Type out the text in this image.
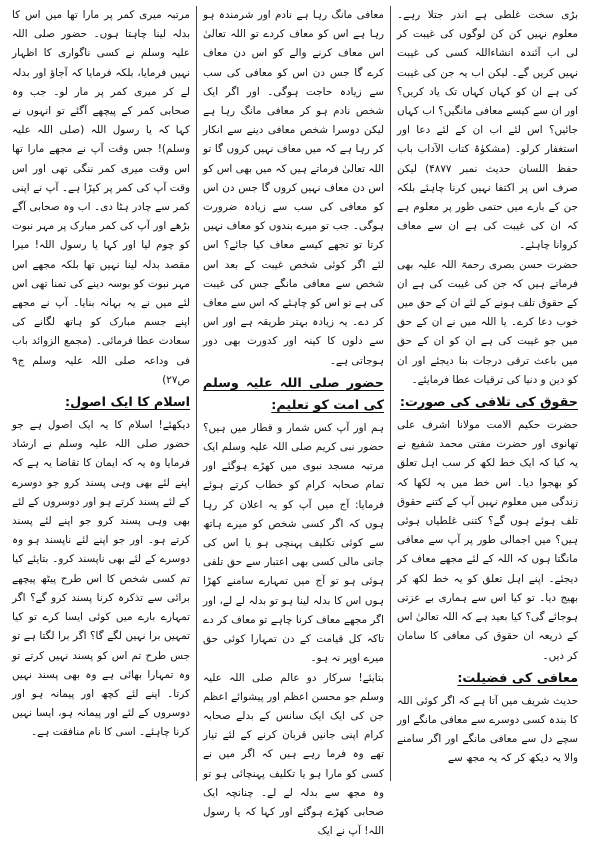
بڑی سخت غلطی ہے اندر جتلا رہے۔ معلوم نہیں کن کن لوگوں کی غیبت کر لی اب آئندہ انشاءاللہ کسی کی غیبت نہیں کریں گے۔ لیکن اب یہ جن کی غیبت کی ہے ان کو کہاں کہاں تک یاد کریں؟ اور ان سے کیسے معافی مانگیں؟ اب کہاں جائیں؟ اس لئے اب ان کے لئے دعا اور استغفار کرلو۔ (مشکوٰۃ کتاب الآداب باب حفظ اللسان حدیث نمبر ۴۸۷۷) لیکن صرف اس پر اکتفا نہیں کرنا چاہئے بلکہ جن کے بارے میں حتمی طور پر معلوم ہے کہ ان کی غیبت کی ہے ان سے معاف کروانا چاہئے۔

حضرت حسن بصری رحمۃ اللہ علیہ بھی فرماتے ہیں کہ جن کی غیبت کی ہے ان کے حقوق تلف ہونے کے لئے ان کے حق میں خوب دعا کرے۔ یا اللہ میں نے ان کے حق میں جو غیبت کی ہے ان کو ان کے حق میں باعث ترقی درجات بنا دیجئے اور ان کو دین و دنیا کی ترقیات عطا فرمایئے۔

حقوق کی تلافی کی صورت:

حضرت حکیم الامت مولانا اشرف علی تھانوی اور حضرت مفتی محمد شفیع نے یہ کیا کہ ایک خط لکھ کر سب اہل تعلق کو بھجوا دیا۔ اس خط میں یہ لکھا کہ زندگی میں معلوم نہیں آپ کے کتنے حقوق تلف ہوئے ہوں گے؟ کتنی غلطیاں ہوئی ہیں؟ میں اجمالی طور پر آپ سے معافی مانگتا ہوں کہ اللہ کے لئے مجھے معاف کر دیجئے۔ اپنے اہل تعلق کو یہ خط لکھ کر بھیج دیا۔ تو کیا اس سے ہماری بے عزتی ہوجائے گی؟ کیا بعید ہے کہ اللہ تعالیٰ اس کے ذریعہ ان حقوق کی معافی کا سامان کر دیں۔

معافی کی فضیلت:

حدیث شریف میں آتا ہے کہ اگر کوئی اللہ کا بندہ کسی دوسرے سے معافی مانگے اور سچے دل سے معافی مانگے اور اگر سامنے والا یہ دیکھ کر کہ یہ مجھ سے

معافی مانگ رہا ہے نادم اور شرمندہ ہو رہا ہے اس کو معاف کردے تو اللہ تعالیٰ اس معاف کرنے والے کو اس دن معاف کرے گا جس دن اس کو معافی کی سب سے زیادہ حاجت ہوگی۔ اور اگر ایک شخص نادم ہو کر معافی مانگ رہا ہے لیکن دوسرا شخص معافی دینے سے انکار کر رہا ہے کہ میں معاف نہیں کروں گا تو اللہ تعالیٰ فرماتے ہیں کہ میں بھی اس کو اس دن معاف نہیں کروں گا جس دن اس کو معافی کی سب سے زیادہ ضرورت ہوگی۔ جب تو میرے بندوں کو معاف نہیں کرتا تو تجھے کیسے معاف کیا جائے؟ اس لئے اگر کوئی شخص غیبت کے بعد اس شخص سے معافی مانگے جس کی غیبت کی ہے تو اس کو چاہئے کہ اس سے معاف کر دے۔ یہ زیادہ بہتر طریقہ ہے اور اس سے دلوں کا کینہ اور کدورت بھی دور ہوجاتی ہے۔

حضور صلی اللہ علیہ وسلم کی امت کو تعلیم:

ہم اور آپ کس شمار و قطار میں ہیں؟ حضور نبی کریم صلی اللہ علیہ وسلم ایک مرتبہ مسجد نبوی میں کھڑے ہوگئے اور تمام صحابہ کرام کو خطاب کرتے ہوئے فرمایا: آج میں آپ کو یہ اعلان کر رہا ہوں کہ اگر کسی شخص کو میرے ہاتھ سے کوئی تکلیف پہنچی ہو یا اس کی جانی مالی کسی بھی اعتبار سے حق تلفی ہوئی ہو تو آج میں تمہارے سامنے کھڑا ہوں اس کا بدلہ لینا ہو تو بدلہ لے لے، اور اگر مجھے معاف کرنا چاہے تو معاف کر دے تاکہ کل قیامت کے دن تمہارا کوئی حق میرے اوپر نہ ہو۔

بتایئے! سرکار دو عالم صلی اللہ علیہ وسلم جو محسن اعظم اور پیشوائے اعظم جن کی ایک ایک سانس کے بدلے صحابہ کرام اپنی جانیں قربان کرنے کے لئے تیار تھے وہ فرما رہے ہیں کہ اگر میں نے کسی کو مارا ہو یا تکلیف پہنچائی ہو تو وہ مجھ سے بدلہ لے لے۔ چنانچہ ایک صحابی کھڑے ہوگئے اور کہا کہ یا رسول اللہ! آپ نے ایک

مرتبہ میری کمر پر مارا تھا میں اس کا بدلہ لینا چاہتا ہوں۔ حضور صلی اللہ علیہ وسلم نے کسی ناگواری کا اظہار نہیں فرمایا، بلکہ فرمایا کہ آجاؤ اور بدلہ لے کر میری کمر پر مار لو۔ جب وہ صحابی کمر کے پیچھے آگئے تو انہوں نے کہا کہ یا رسول اللہ (صلی اللہ علیہ وسلم)! جس وقت آپ نے مجھے مارا تھا اس وقت میری کمر ننگی تھی اور اس وقت آپ کی کمر پر کپڑا ہے۔ آپ نے اپنی کمر سے چادر ہٹا دی۔ اب وہ صحابی آگے بڑھے اور آپ کی کمر مبارک پر مہر نبوت کو چوم لیا اور کہا یا رسول اللہ! میرا مقصد بدلہ لینا نہیں تھا بلکہ مجھے اس مہر نبوت کو بوسہ دینے کی تمنا تھی اس لئے میں نے یہ بہانہ بنایا۔ آپ نے مجھے اپنے جسم مبارک کو ہاتھ لگانے کی سعادت عطا فرمائی۔ (مجمع الزوائد باب فی وداعہ صلی اللہ علیہ وسلم ج۹ ص۲۷)

اسلام کا ایک اصول:

دیکھئے! اسلام کا یہ ایک اصول ہے جو حضور صلی اللہ علیہ وسلم نے ارشاد فرمایا وہ یہ کہ ایمان کا تقاضا یہ ہے کہ اپنے لئے بھی وہی پسند کرو جو دوسرے کے لئے پسند کرتے ہو اور دوسروں کے لئے بھی وہی پسند کرو جو اپنے لئے پسند کرتے ہو۔ اور جو اپنے لئے ناپسند ہو وہ دوسرے کے لئے بھی ناپسند کرو۔ بتایئے کیا تم کسی شخص کا اس طرح پیٹھ پیچھے برائی سے تذکرہ کرنا پسند کرو گے؟ اگر تمہارے بارے میں کوئی ایسا کرے تو کیا تمہیں برا نہیں لگے گا؟ اگر برا لگتا ہے تو جس طرح تم اس کو پسند نہیں کرتے تو وہ تمہارا بھائی ہے وہ بھی پسند نہیں کرتا۔ اپنے لئے کچھ اور پیمانہ ہو اور دوسروں کے لئے اور پیمانہ ہو، ایسا نہیں کرنا چاہئے۔ اسی کا نام منافقت ہے۔
